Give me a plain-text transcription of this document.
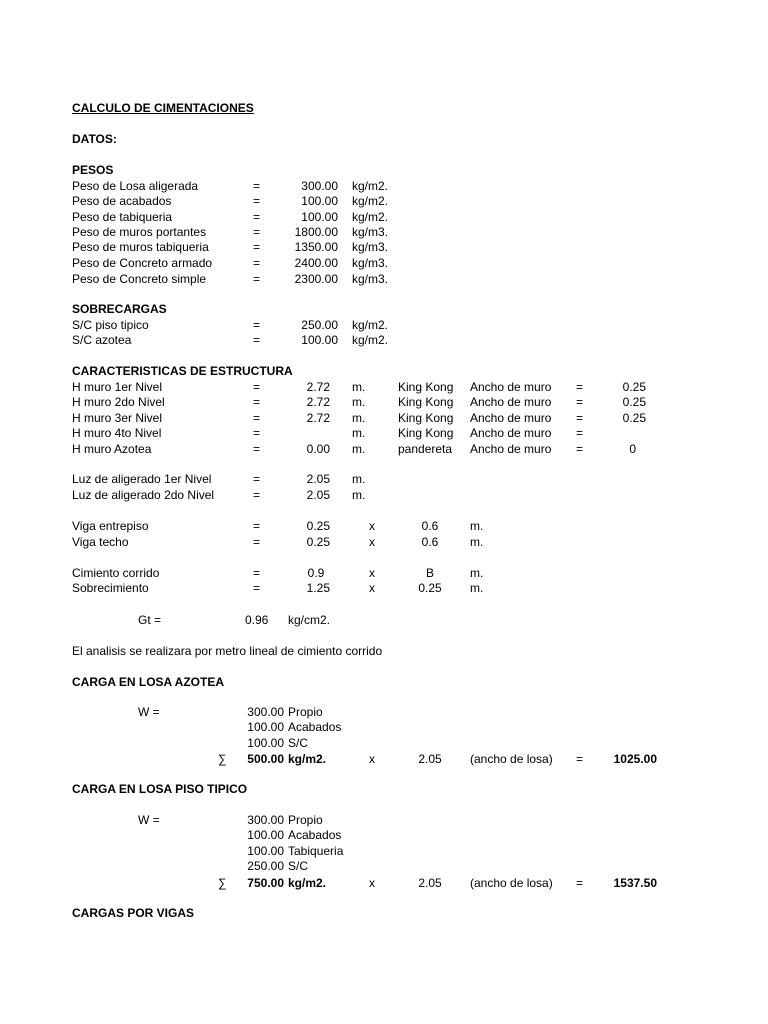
CALCULO DE CIMENTACIONES
DATOS:
PESOS
Peso de Losa aligerada	=	300.00 kg/m2.
Peso de acabados	=	100.00 kg/m2.
Peso de tabiqueria	=	100.00 kg/m2.
Peso de muros portantes	=	1800.00 kg/m3.
Peso de muros tabiqueria	=	1350.00 kg/m3.
Peso de Concreto armado	=	2400.00 kg/m3.
Peso de Concreto simple	=	2300.00 kg/m3.
SOBRECARGAS
S/C piso tipico	=	250.00 kg/m2.
S/C azotea	=	100.00 kg/m2.
CARACTERISTICAS DE ESTRUCTURA
H muro 1er Nivel	=	2.72 m.	King Kong Ancho de muro =	0.25
H muro 2do Nivel	=	2.72 m.	King Kong Ancho de muro =	0.25
H muro 3er Nivel	=	2.72 m.	King Kong Ancho de muro =	0.25
H muro 4to Nivel	=	m.	King Kong Ancho de muro =
H muro Azotea	=	0.00 m.	pandereta Ancho de muro =	0
Luz de aligerado 1er Nivel	=	2.05 m.
Luz de aligerado 2do Nivel	=	2.05 m.
Viga entrepiso	=	0.25	x	0.6	m.
Viga techo	=	0.25	x	0.6	m.
Cimiento corrido	=	0.9	x	B	m.
Sobrecimiento	=	1.25	x	0.25	m.
Gt =	0.96 kg/cm2.
El analisis se realizara por metro lineal de cimiento corrido
CARGA EN LOSA AZOTEA
W =	300.00 Propio
100.00 Acabados
100.00 S/C
∑	500.00 kg/m2.	x	2.05	(ancho de losa) =	1025.00
CARGA EN LOSA PISO TIPICO
W =	300.00 Propio
100.00 Acabados
100.00 Tabiqueria
250.00 S/C
∑	750.00 kg/m2.	x	2.05	(ancho de losa) =	1537.50
CARGAS POR VIGAS
